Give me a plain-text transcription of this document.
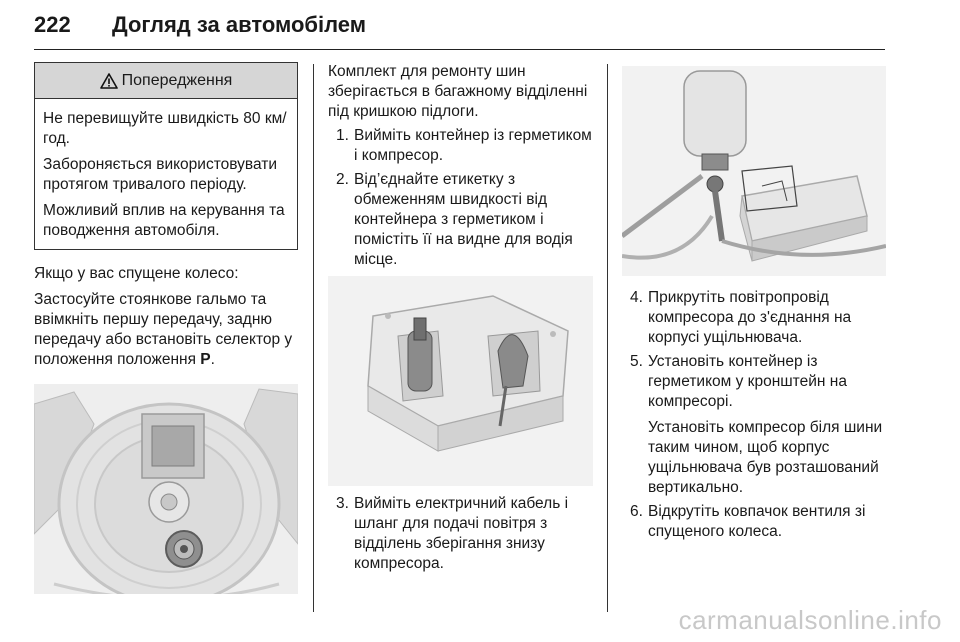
222 Догляд за автомобілем
Попередження

Не перевищуйте швидкість 80 км/год.

Забороняється використовувати протягом тривалого періоду.

Можливий вплив на керування та поводження автомобіля.

Якщо у вас спущене колесо:

Застосуйте стоянкове гальмо та ввімкніть першу передачу, задню передачу або встановіть селектор у положення положення P.

Комплект для ремонту шин зберігається в багажному відділенні під кришкою підлоги.

1. Вийміть контейнер із герметиком і компресор.
2. Від’єднайте етикетку з обмеженням швидкості від контейнера з герметиком і помістіть її на видне для водія місце.
3. Вийміть електричний кабель і шланг для подачі повітря з відділень зберігання знизу компресора.
4. Прикрутіть повітропровід компресора до з'єднання на корпусі ущільнювача.
5. Установіть контейнер із герметиком у кронштейн на компресорі.

Установіть компресор біля шини таким чином, щоб корпус ущільнювача був розташований вертикально.

6. Відкрутіть ковпачок вентиля зі спущеного колеса.
carmanualsonline.info
